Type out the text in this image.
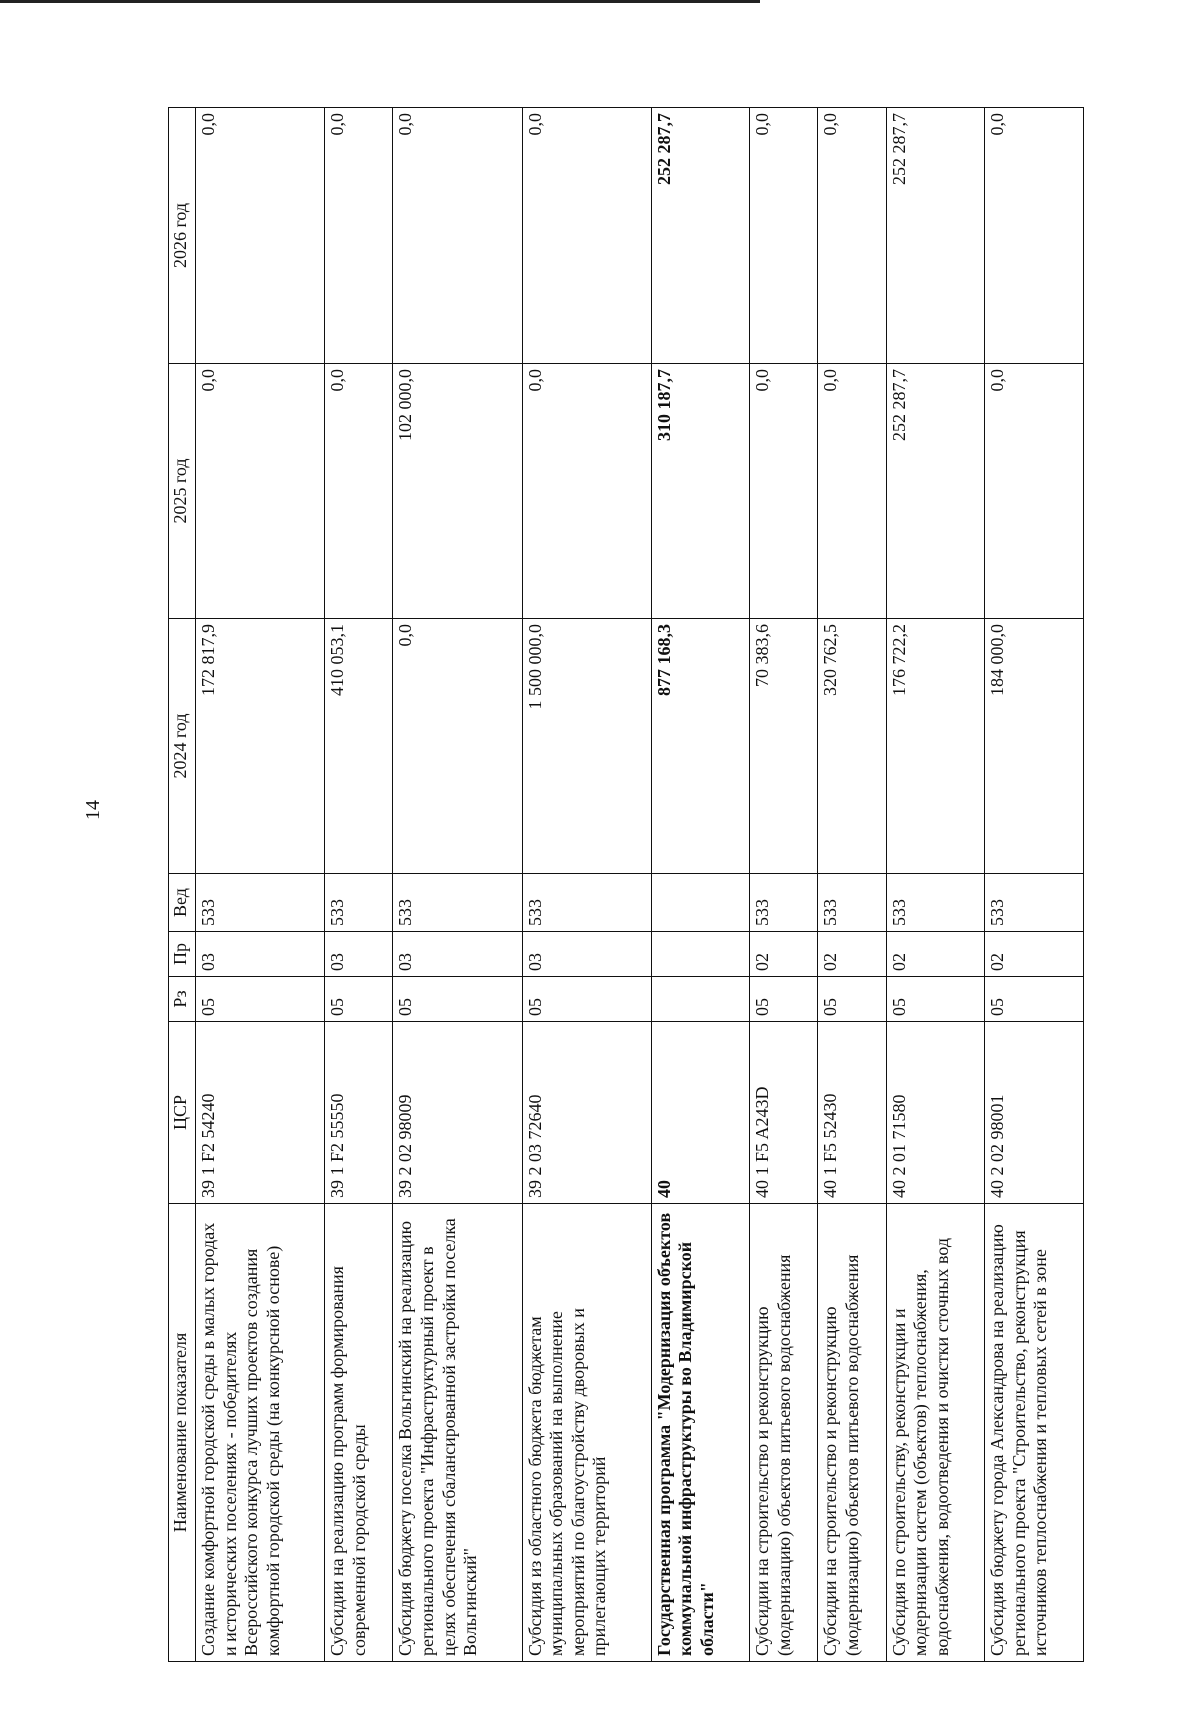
14
Наименование показателя	ЦСР	Рз	Пр	Вед	2024 год	2025 год	2026 год
Создание комфортной городской среды в малых городах и исторических поселениях - победителях Всероссийского конкурса лучших проектов создания комфортной городской среды (на конкурсной основе)	39 1 F2 54240	05	03	533	172 817,9	0,0	0,0
Субсидии на реализацию программ формирования современной городской среды	39 1 F2 55550	05	03	533	410 053,1	0,0	0,0
Субсидия бюджету поселка Вольгинский на реализацию регионального проекта "Инфраструктурный проект в целях обеспечения сбалансированной застройки поселка Вольгинский"	39 2 02 98009	05	03	533	0,0	102 000,0	0,0
Субсидия из областного бюджета бюджетам муниципальных образований на выполнение мероприятий по благоустройству дворовых и прилегающих территорий	39 2 03 72640	05	03	533	1 500 000,0	0,0	0,0
Государственная программа "Модернизация объектов коммунальной инфраструктуры во Владимирской области"	40				877 168,3	310 187,7	252 287,7
Субсидии на строительство и реконструкцию (модернизацию) объектов питьевого водоснабжения	40 1 F5 A243D	05	02	533	70 383,6	0,0	0,0
Субсидии на строительство и реконструкцию (модернизацию) объектов питьевого водоснабжения	40 1 F5 52430	05	02	533	320 762,5	0,0	0,0
Субсидия по строительству, реконструкции и модернизации систем (объектов) теплоснабжения, водоснабжения, водоотведения и очистки сточных вод	40 2 01 71580	05	02	533	176 722,2	252 287,7	252 287,7
Субсидия бюджету города Александрова на реализацию регионального проекта "Строительство, реконструкция источников теплоснабжения и тепловых сетей в зоне	40 2 02 98001	05	02	533	184 000,0	0,0	0,0
